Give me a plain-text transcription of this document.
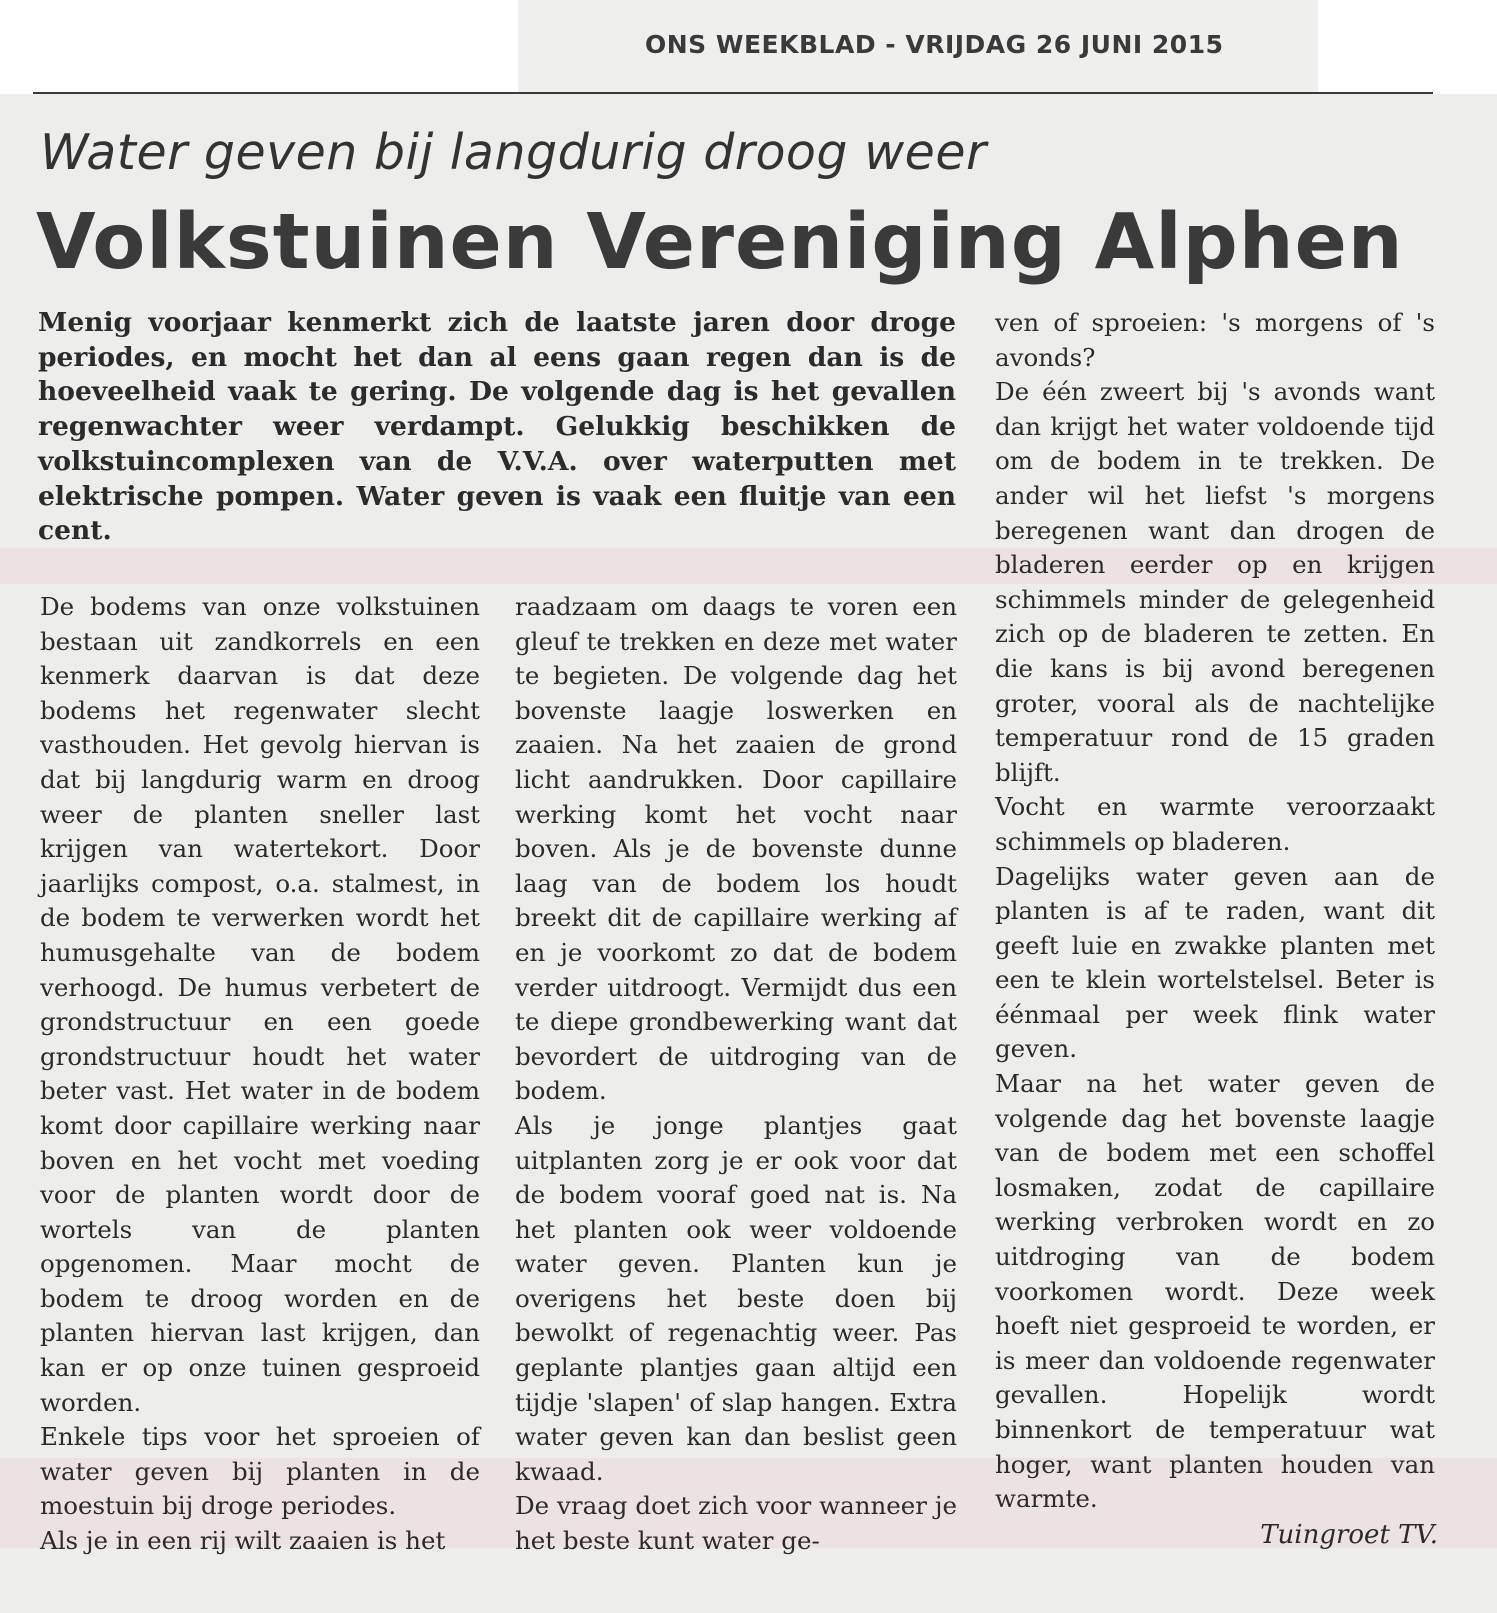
ONS WEEKBLAD - VRIJDAG 26 JUNI 2015
Water geven bij langdurig droog weer
Volkstuinen Vereniging Alphen

Menig voorjaar kenmerkt zich de laatste jaren door droge periodes, en mocht het dan al eens gaan regen dan is de hoeveelheid vaak te gering. De volgende dag is het gevallen regenwachter weer verdampt. Gelukkig beschikken de volkstuincomplexen van de V.V.A. over waterputten met elektrische pompen. Water geven is vaak een fluitje van een cent.

De bodems van onze volkstuinen bestaan uit zandkorrels en een kenmerk daarvan is dat deze bodems het regenwater slecht vasthouden. Het gevolg hiervan is dat bij langdurig warm en droog weer de planten sneller last krijgen van watertekort. Door jaarlijks compost, o.a. stalmest, in de bodem te verwerken wordt het humusgehalte van de bodem verhoogd. De humus verbetert de grondstructuur en een goede grondstructuur houdt het water beter vast. Het water in de bodem komt door capillaire werking naar boven en het vocht met voeding voor de planten wordt door de wortels van de planten opgenomen. Maar mocht de bodem te droog worden en de planten hiervan last krijgen, dan kan er op onze tuinen gesproeid worden.
Enkele tips voor het sproeien of water geven bij planten in de moestuin bij droge periodes.
Als je in een rij wilt zaaien is het
raadzaam om daags te voren een gleuf te trekken en deze met water te begieten. De volgende dag het bovenste laagje loswerken en zaaien. Na het zaaien de grond licht aandrukken. Door capillaire werking komt het vocht naar boven. Als je de bovenste dunne laag van de bodem los houdt breekt dit de capillaire werking af en je voorkomt zo dat de bodem verder uitdroogt. Vermijdt dus een te diepe grondbewerking want dat bevordert de uitdroging van de bodem.
Als je jonge plantjes gaat uitplanten zorg je er ook voor dat de bodem vooraf goed nat is. Na het planten ook weer voldoende water geven. Planten kun je overigens het beste doen bij bewolkt of regenachtig weer. Pas geplante plantjes gaan altijd een tijdje 'slapen' of slap hangen. Extra water geven kan dan beslist geen kwaad.
De vraag doet zich voor wanneer je het beste kunt water ge-
ven of sproeien: 's morgens of 's avonds?
De één zweert bij 's avonds want dan krijgt het water voldoende tijd om de bodem in te trekken. De ander wil het liefst 's morgens beregenen want dan drogen de bladeren eerder op en krijgen schimmels minder de gelegenheid zich op de bladeren te zetten. En die kans is bij avond beregenen groter, vooral als de nachtelijke temperatuur rond de 15 graden blijft.
Vocht en warmte veroorzaakt schimmels op bladeren.
Dagelijks water geven aan de planten is af te raden, want dit geeft luie en zwakke planten met een te klein wortelstelsel. Beter is éénmaal per week flink water geven.
Maar na het water geven de volgende dag het bovenste laagje van de bodem met een schoffel losmaken, zodat de capillaire werking verbroken wordt en zo uitdroging van de bodem voorkomen wordt. Deze week hoeft niet gesproeid te worden, er is meer dan voldoende regenwater gevallen. Hopelijk wordt binnenkort de temperatuur wat hoger, want planten houden van warmte.
Tuingroet TV.
